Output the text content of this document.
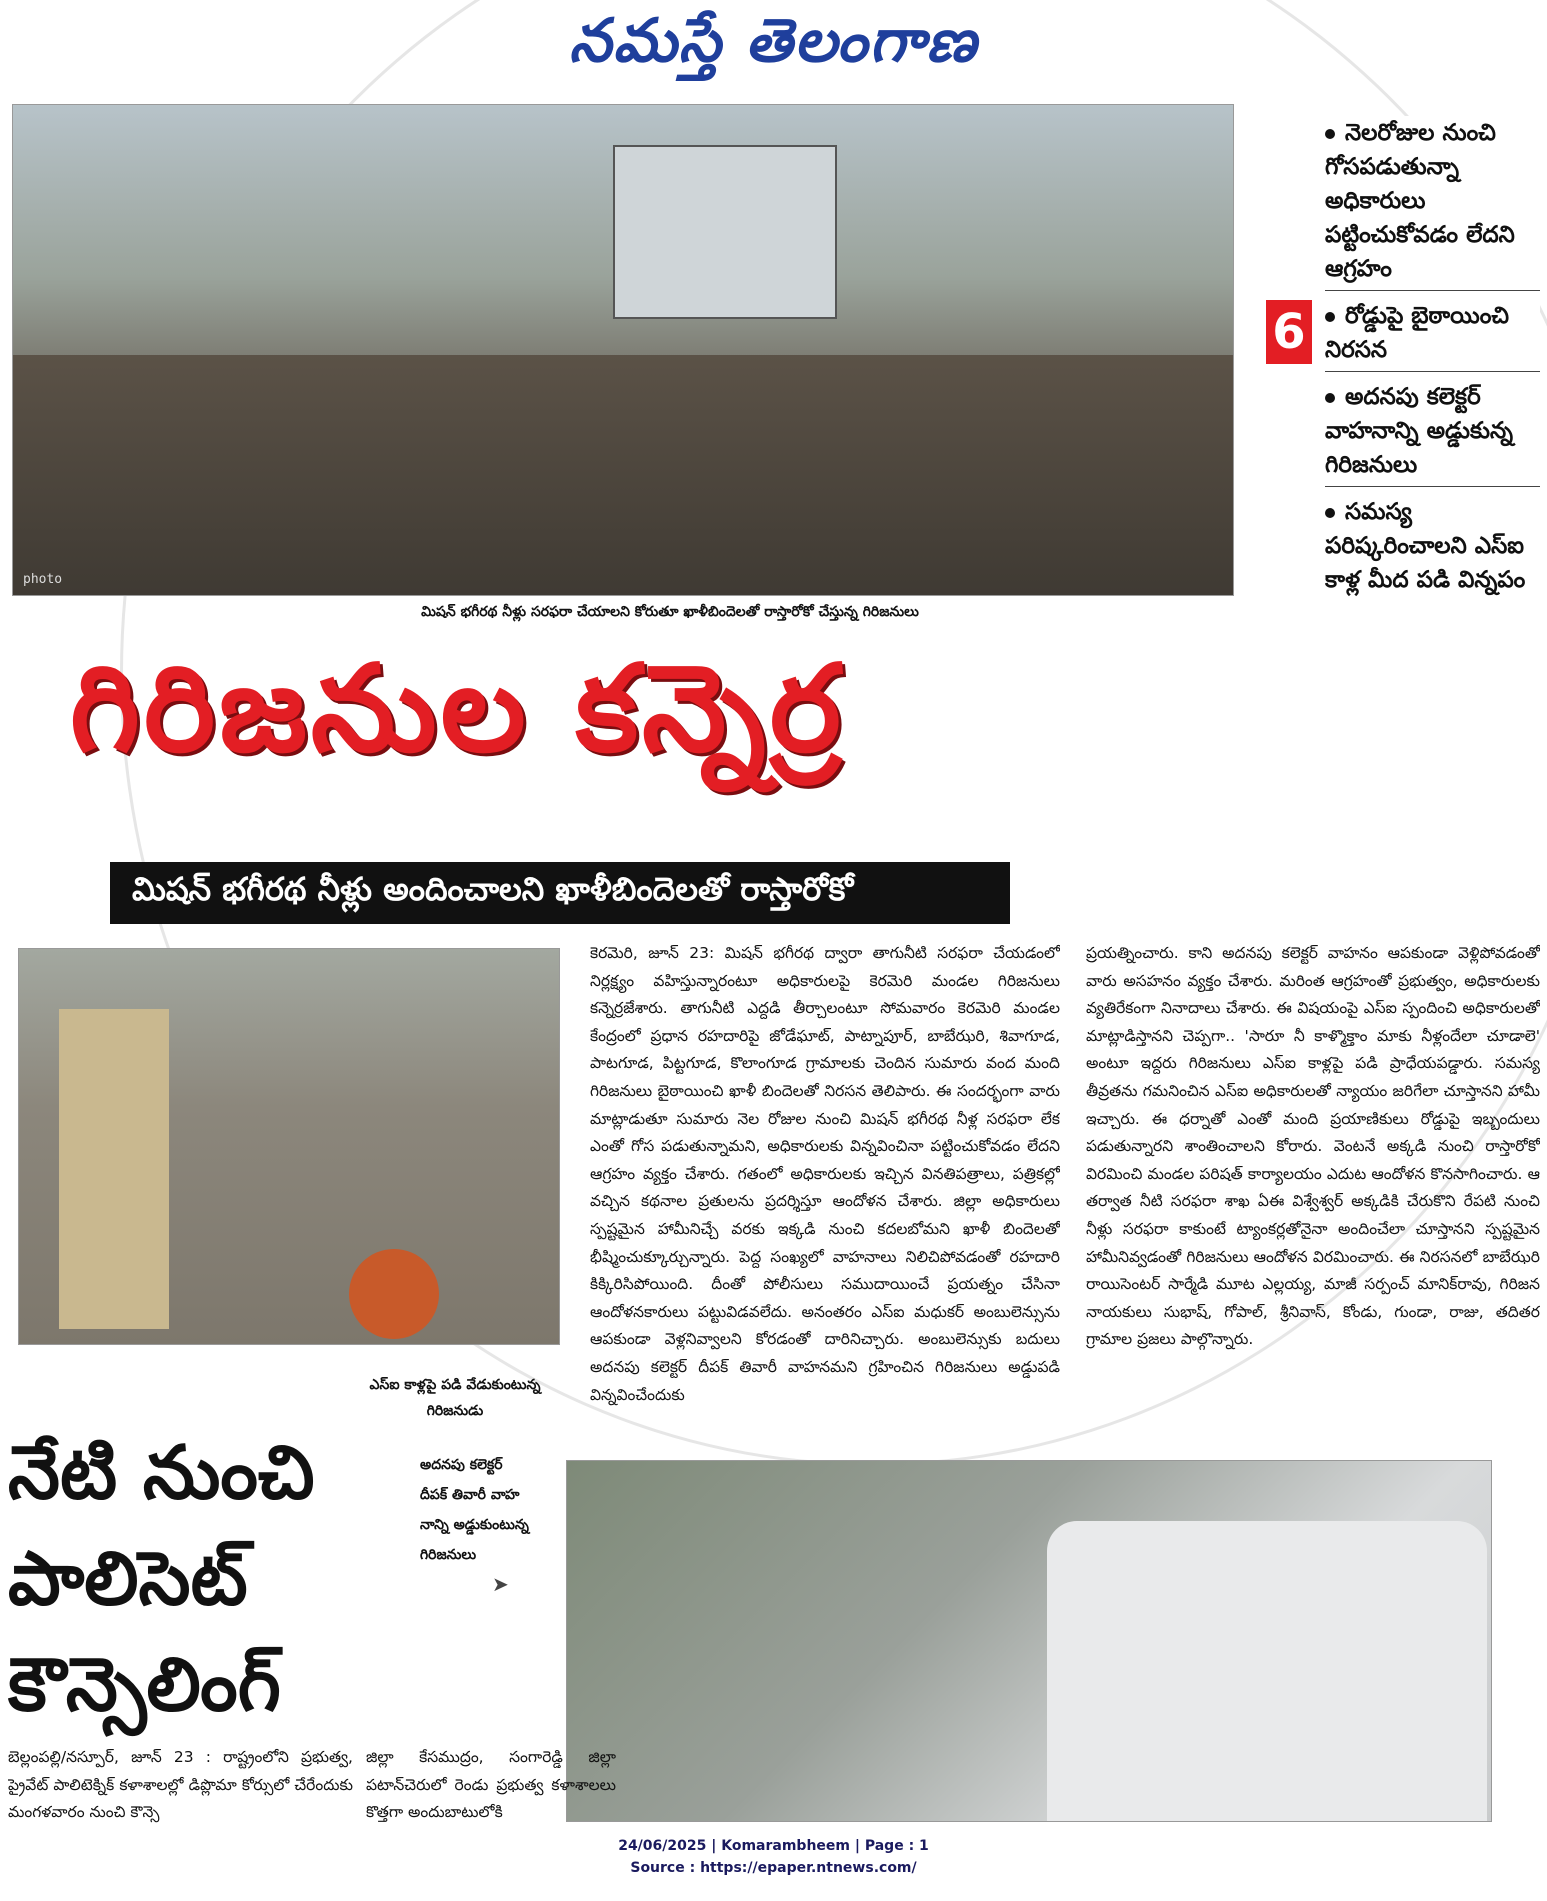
నమస్తే తెలంగాణ
photo
మిషన్ భగీరథ నీళ్లు సరఫరా చేయాలని కోరుతూ ఖాళీబిందెలతో రాస్తారోకో చేస్తున్న గిరిజనులు
6
నెలరోజుల నుంచి గోసపడుతున్నా అధికారులు పట్టించుకోవడం లేదని ఆగ్రహం
రోడ్డుపై బైఠాయించి నిరసన
అదనపు కలెక్టర్ వాహనాన్ని అడ్డుకున్న గిరిజనులు
సమస్య పరిష్కరించాలని ఎస్ఐ కాళ్ల మీద పడి విన్నపం
గిరిజనుల కన్నెర్ర
మిషన్ భగీరథ నీళ్లు అందించాలని ఖాళీబిందెలతో రాస్తారోకో
ఎస్ఐ కాళ్లపై పడి వేడుకుంటున్న
గిరిజనుడు
కెరమెరి, జూన్ 23: మిషన్ భగీరథ ద్వారా తాగునీటి సరఫరా చేయడంలో నిర్లక్ష్యం వహిస్తున్నారంటూ అధికారులపై కెరమెరి మండల గిరిజనులు కన్నెర్రజేశారు. తాగునీటి ఎద్దడి తీర్చాలంటూ సోమవారం కెరమెరి మండల కేంద్రంలో ప్రధాన రహదారిపై జోడేఘాట్, పాట్నాపూర్, బాబేఝరి, శివాగూడ, పాటగూడ, పిట్టగూడ, కొలాంగూడ గ్రామాలకు చెందిన సుమారు వంద మంది గిరిజనులు బైఠాయించి ఖాళీ బిందెలతో నిరసన తెలిపారు. ఈ సందర్భంగా వారు మాట్లాడుతూ సుమారు నెల రోజుల నుంచి మిషన్ భగీరథ నీళ్ల సరఫరా లేక ఎంతో గోస పడుతున్నామని, అధికారులకు విన్నవించినా పట్టించుకోవడం లేదని ఆగ్రహం వ్యక్తం చేశారు. గతంలో అధికారులకు ఇచ్చిన వినతిపత్రాలు, పత్రికల్లో వచ్చిన కథనాల ప్రతులను ప్రదర్శిస్తూ ఆందోళన చేశారు. జిల్లా అధికారులు స్పష్టమైన హామీనిచ్చే వరకు ఇక్కడి నుంచి కదలబోమని ఖాళీ బిందెలతో భీష్మించుక్కూర్చున్నారు. పెద్ద సంఖ్యలో వాహనాలు నిలిచిపోవడంతో రహదారి కిక్కిరిసిపోయింది. దీంతో పోలీసులు సముదాయించే ప్రయత్నం చేసినా ఆందోళనకారులు పట్టువిడవలేదు. అనంతరం ఎస్ఐ మధుకర్ అంబులెన్సును ఆపకుండా వెళ్లనివ్వాలని కోరడంతో దారినిచ్చారు. అంబులెన్సుకు బదులు అదనపు కలెక్టర్ దీపక్ తివారీ వాహనమని గ్రహించిన గిరిజనులు అడ్డుపడి విన్నవించేందుకు
ప్రయత్నించారు. కాని అదనపు కలెక్టర్ వాహనం ఆపకుండా వెళ్లిపోవడంతో వారు అసహనం వ్యక్తం చేశారు. మరింత ఆగ్రహంతో ప్రభుత్వం, అధికారులకు వ్యతిరేకంగా నినాదాలు చేశారు. ఈ విషయంపై ఎస్ఐ స్పందించి అధికారులతో మాట్లాడిస్తానని చెప్పగా.. 'సారూ నీ కాళ్మొక్తాం మాకు నీళ్లందేలా చూడాలె' అంటూ ఇద్దరు గిరిజనులు ఎస్ఐ కాళ్లపై పడి ప్రాధేయపడ్డారు. సమస్య తీవ్రతను గమనించిన ఎస్ఐ అధికారులతో న్యాయం జరిగేలా చూస్తానని హామీ ఇచ్చారు. ఈ ధర్నాతో ఎంతో మంది ప్రయాణికులు రోడ్డుపై ఇబ్బందులు పడుతున్నారని శాంతించాలని కోరారు. వెంటనే అక్కడి నుంచి రాస్తారోకో విరమించి మండల పరిషత్ కార్యాలయం ఎదుట ఆందోళన కొనసాగించారు. ఆ తర్వాత నీటి సరఫరా శాఖ ఏఈ విశ్వేశ్వర్ అక్కడికి చేరుకొని రేపటి నుంచి నీళ్లు సరఫరా కాకుంటే ట్యాంకర్లతోనైనా అందించేలా చూస్తానని స్పష్టమైన హామీనివ్వడంతో గిరిజనులు ఆందోళన విరమించారు. ఈ నిరసనలో బాబేఝరి రాయిసెంటర్ సార్మేడి మూట ఎల్లయ్య, మాజీ సర్పంచ్ మానిక్‌రావు, గిరిజన నాయకులు సుభాష్, గోపాల్, శ్రీనివాస్, కోండు, గుండా, రాజు, తదితర గ్రామాల ప్రజలు పాల్గొన్నారు.
అదనపు కలెక్టర్
దీపక్ తివారీ వాహ
నాన్ని అడ్డుకుంటున్న
గిరిజనులు
➤
నేటి నుంచి
పాలిసెట్
కౌన్సెలింగ్
బెల్లంపల్లి/నస్పూర్, జూన్ 23 : రాష్ట్రంలోని ప్రభుత్వ, ప్రైవేట్ పాలిటెక్నిక్ కళాశాలల్లో డిప్లొమా కోర్సులో చేరేందుకు మంగళవారం నుంచి కౌన్సె
జిల్లా కేసముద్రం, సంగారెడ్డి జిల్లా పటాన్‌చెరులో రెండు ప్రభుత్వ కళాశాలలు కొత్తగా అందుబాటులోకి
24/06/2025 | Komarambheem | Page : 1
Source : https://epaper.ntnews.com/
